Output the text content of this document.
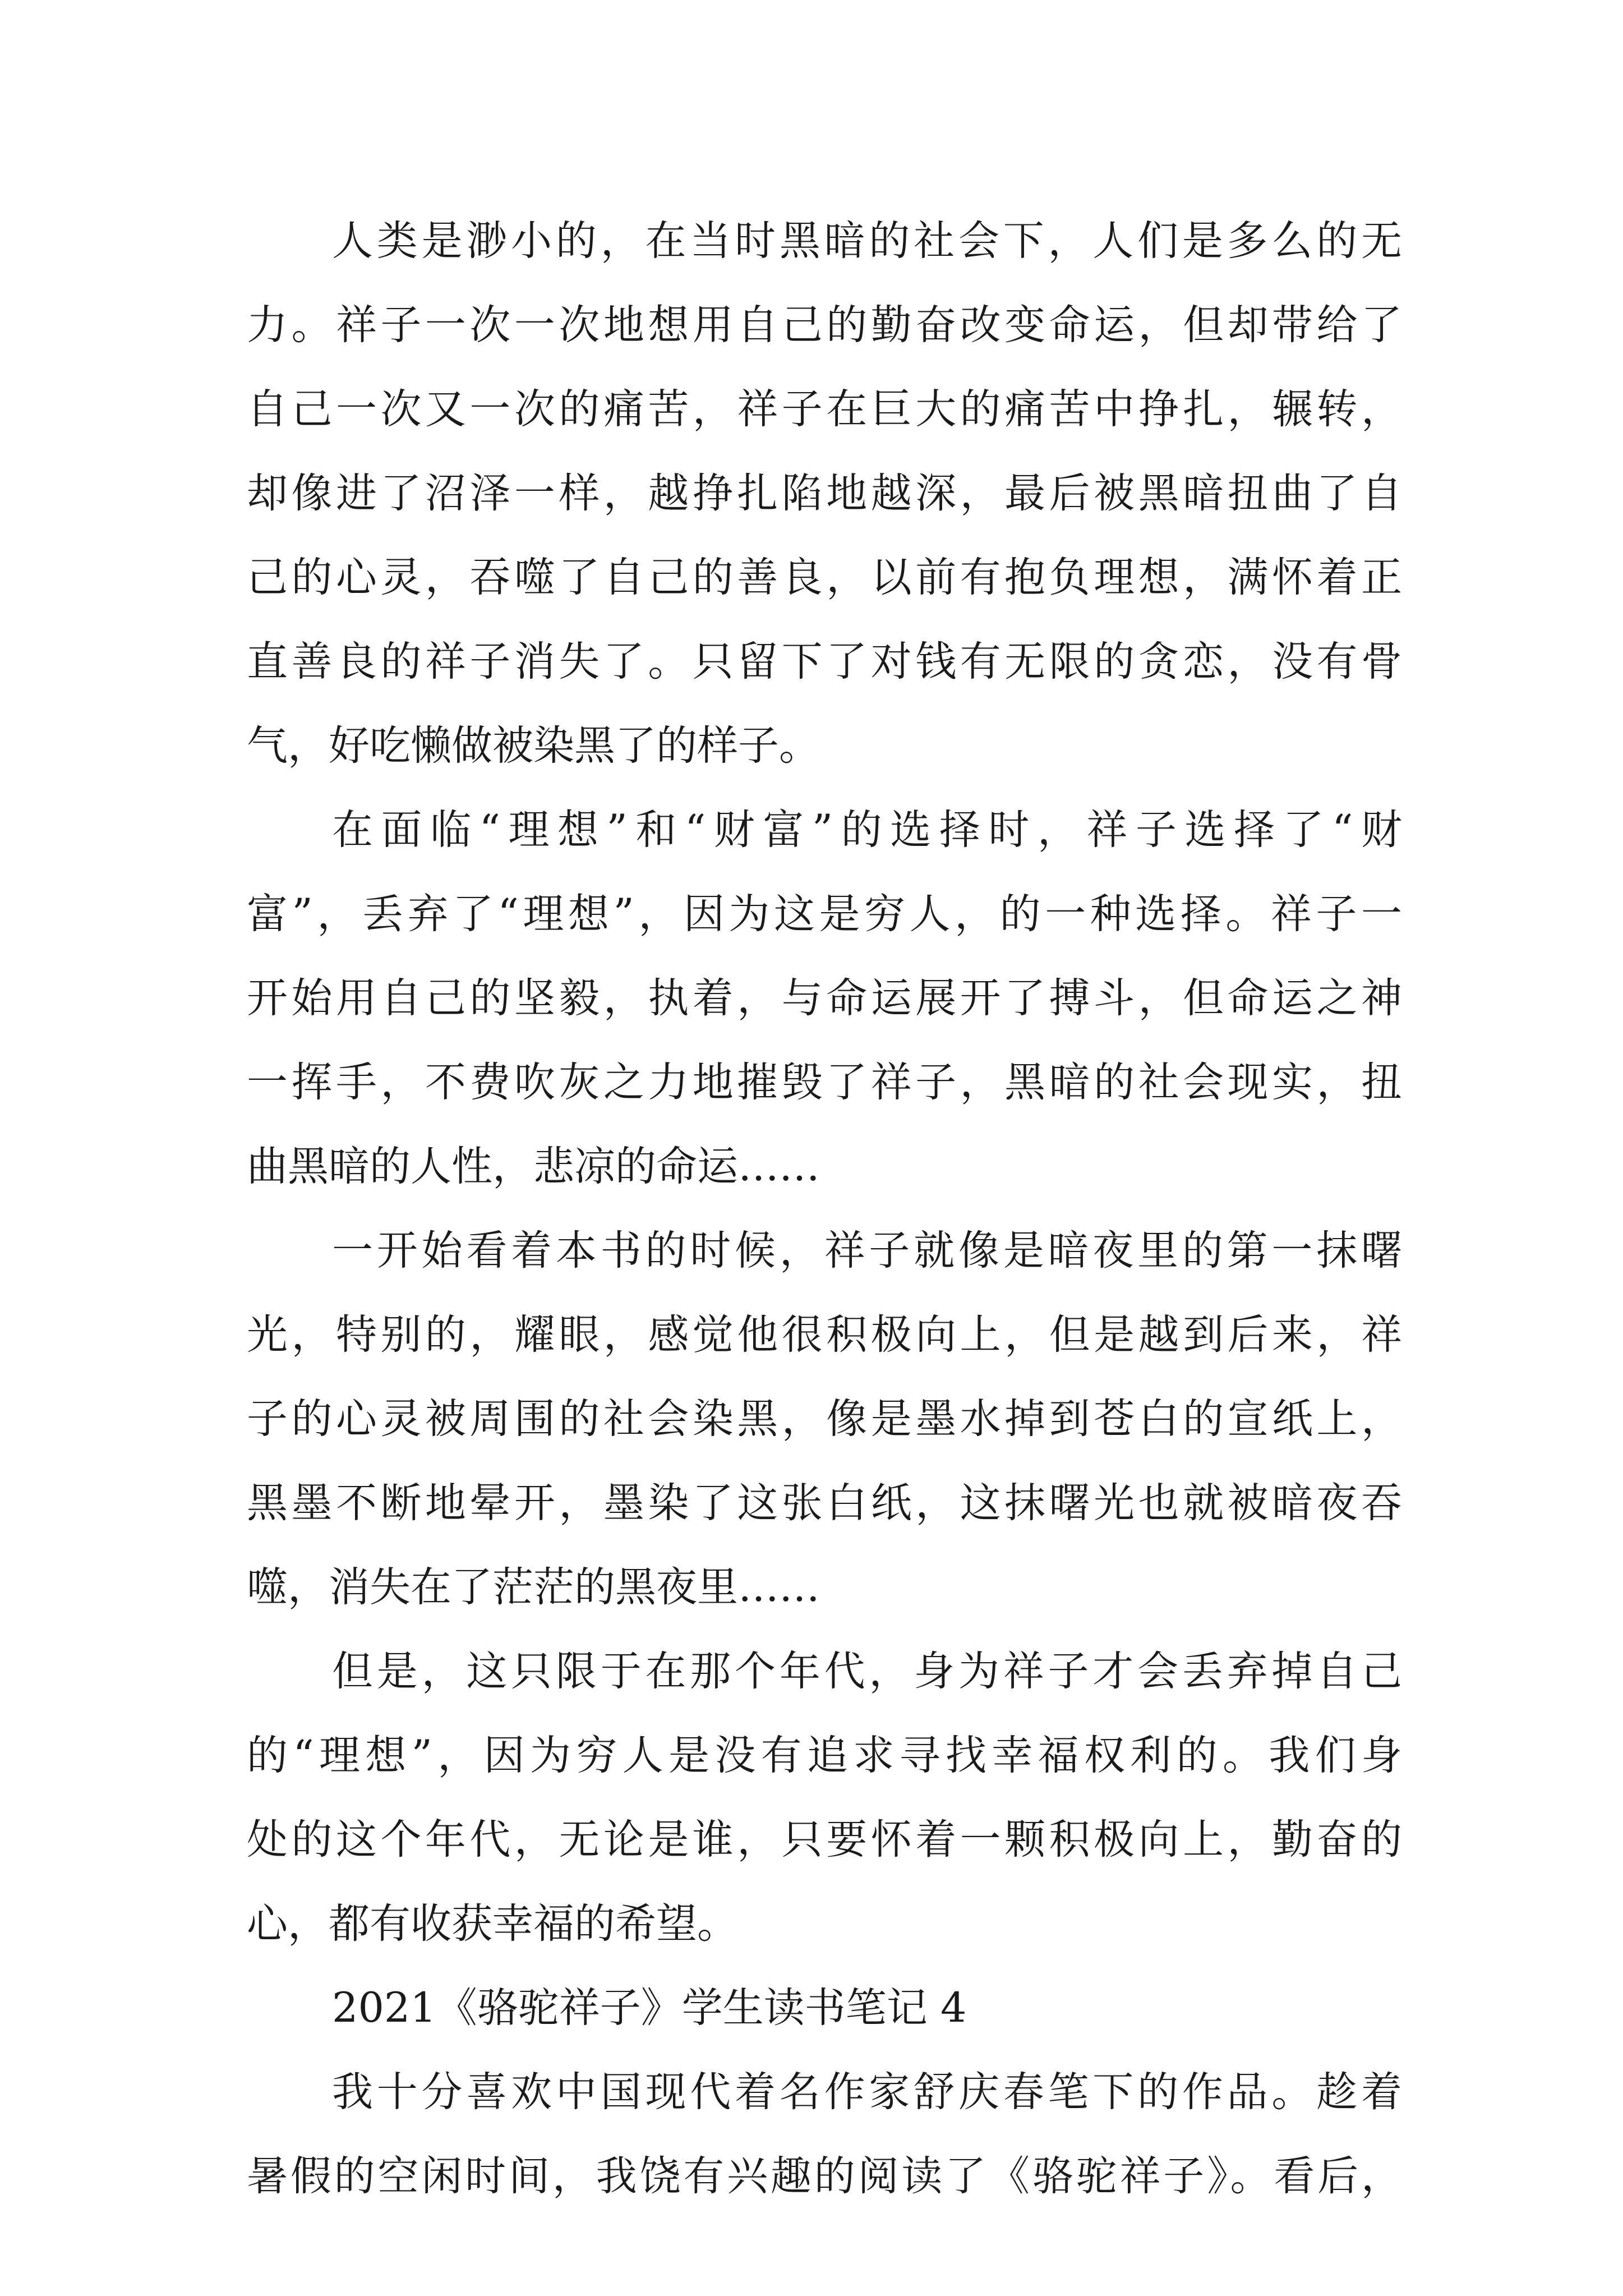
人类是渺小的，在当时黑暗的社会下，人们是多么的无
力。祥子一次一次地想用自己的勤奋改变命运，但却带给了
自己一次又一次的痛苦，祥子在巨大的痛苦中挣扎，辗转，
却像进了沼泽一样，越挣扎陷地越深，最后被黑暗扭曲了自
己的心灵，吞噬了自己的善良，以前有抱负理想，满怀着正
直善良的祥子消失了。只留下了对钱有无限的贪恋，没有骨
气，好吃懒做被染黑了的样子。
在面临“理想”和“财富”的选择时，祥子选择了“财
富”，丢弃了“理想”，因为这是穷人，的一种选择。祥子一
开始用自己的坚毅，执着，与命运展开了搏斗，但命运之神
一挥手，不费吹灰之力地摧毁了祥子，黑暗的社会现实，扭
曲黑暗的人性，悲凉的命运……
一开始看着本书的时候，祥子就像是暗夜里的第一抹曙
光，特别的，耀眼，感觉他很积极向上，但是越到后来，祥
子的心灵被周围的社会染黑，像是墨水掉到苍白的宣纸上，
黑墨不断地晕开，墨染了这张白纸，这抹曙光也就被暗夜吞
噬，消失在了茫茫的黑夜里……
但是，这只限于在那个年代，身为祥子才会丢弃掉自己
的“理想”，因为穷人是没有追求寻找幸福权利的。我们身
处的这个年代，无论是谁，只要怀着一颗积极向上，勤奋的
心，都有收获幸福的希望。
2021《骆驼祥子》学生读书笔记 4
我十分喜欢中国现代着名作家舒庆春笔下的作品。趁着
暑假的空闲时间，我饶有兴趣的阅读了《骆驼祥子》。看后，
